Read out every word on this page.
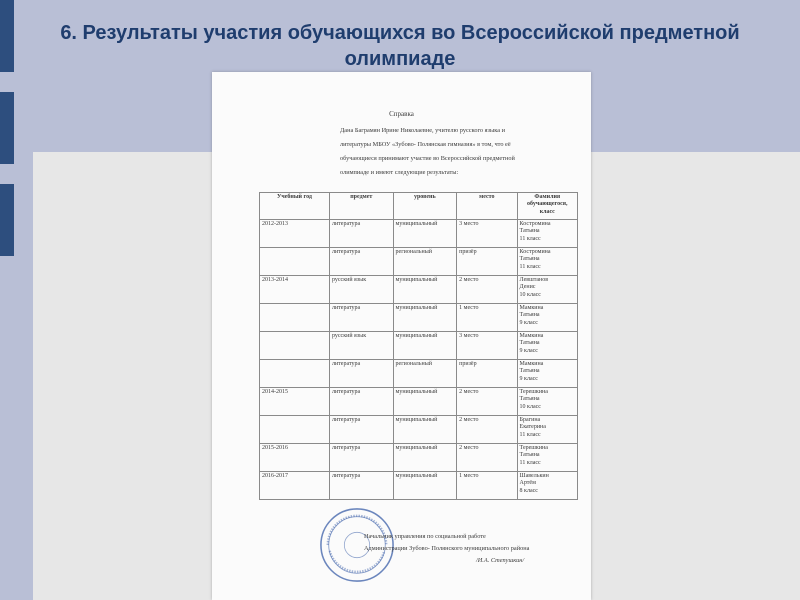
6. Результаты участия обучающихся во Всероссийской предметной
олимпиаде
Справка
Дана Баграмян Ирине Николаевне, учителю русского языка и
литературы МБОУ «Зубово- Полянская гимназия» в том, что её
обучающиеся принимают участие во Всероссийской предметной
олимпиаде и имеют следующие результаты:
Учебный год	предмет	уровень	место	Фамилия обучающегося, класс
2012-2013	литература	муниципальный	3 место	Костромина
Татьяна
11 класс

	литература	региональный	призёр	Костромина
Татьяна
11 класс

2013-2014	русский язык	муниципальный	2 место	Левштанов
Денис
10 класс

	литература	муниципальный	1 место	Мамкина
Татьяна
9 класс

	русский язык	муниципальный	3 место	Мамкина
Татьяна
9 класс

	литература	региональный	призёр	Мамкина
Татьяна
9 класс

2014-2015	литература	муниципальный	2 место	Терешкина
Татьяна
10 класс

	литература	муниципальный	2 место	Брагина
Екатерина
11 класс

2015-2016	литература	муниципальный	2 место	Терешкина
Татьяна
11 класс

2016-2017	литература	муниципальный	1 место	Шавелькин
Артём
8 класс
Начальник управления по социальной работе
Администрации Зубово- Полянского муниципального района
/И.А. Степушкин/
